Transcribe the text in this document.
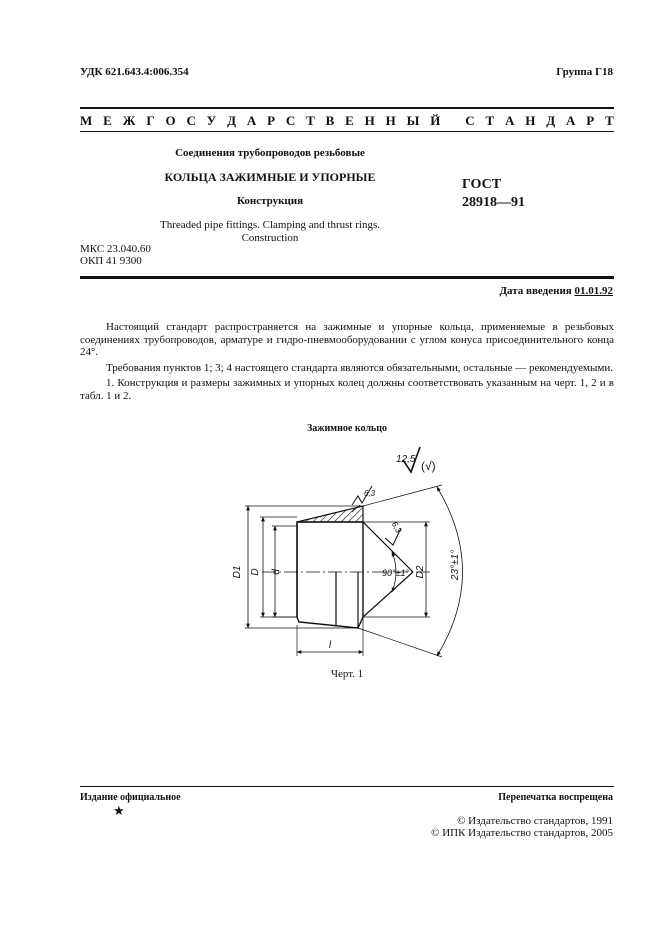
УДК 621.643.4:006.354	Группа Г18
М Е Ж Г О С У Д А Р С Т В Е Н Н Ы Й
С Т А Н Д А Р Т
Соединения трубопроводов резьбовые
КОЛЬЦА ЗАЖИМНЫЕ И УПОРНЫЕ
Конструкция
Threaded pipe fittings. Clamping and thrust rings.
Construction
ГОСТ
28918—91
МКС 23.040.60
ОКП 41 9300
Дата введения 01.01.92

Настоящий стандарт распространяется на зажимные и упорные кольца, применяемые в резьбовых соединениях трубопроводов, арматуре и гидро-пневмооборудовании с углом конуса присоединительного конца 24°.

Требования пунктов 1; 3; 4 настоящего стандарта являются обязательными, остальные — рекомендуемыми.

1. Конструкция и размеры зажимных и упорных колец должны соответствовать указанным на черт. 1, 2 и в табл. 1 и 2.

Зажимное кольцо
12,5 (√)
6,3
6,3
D1 D d	90°±1° D2 23°±1°
l
Черт. 1
Издание официальное	Перепечатка воспрещена
★
© Издательство стандартов, 1991
© ИПК Издательство стандартов, 2005
